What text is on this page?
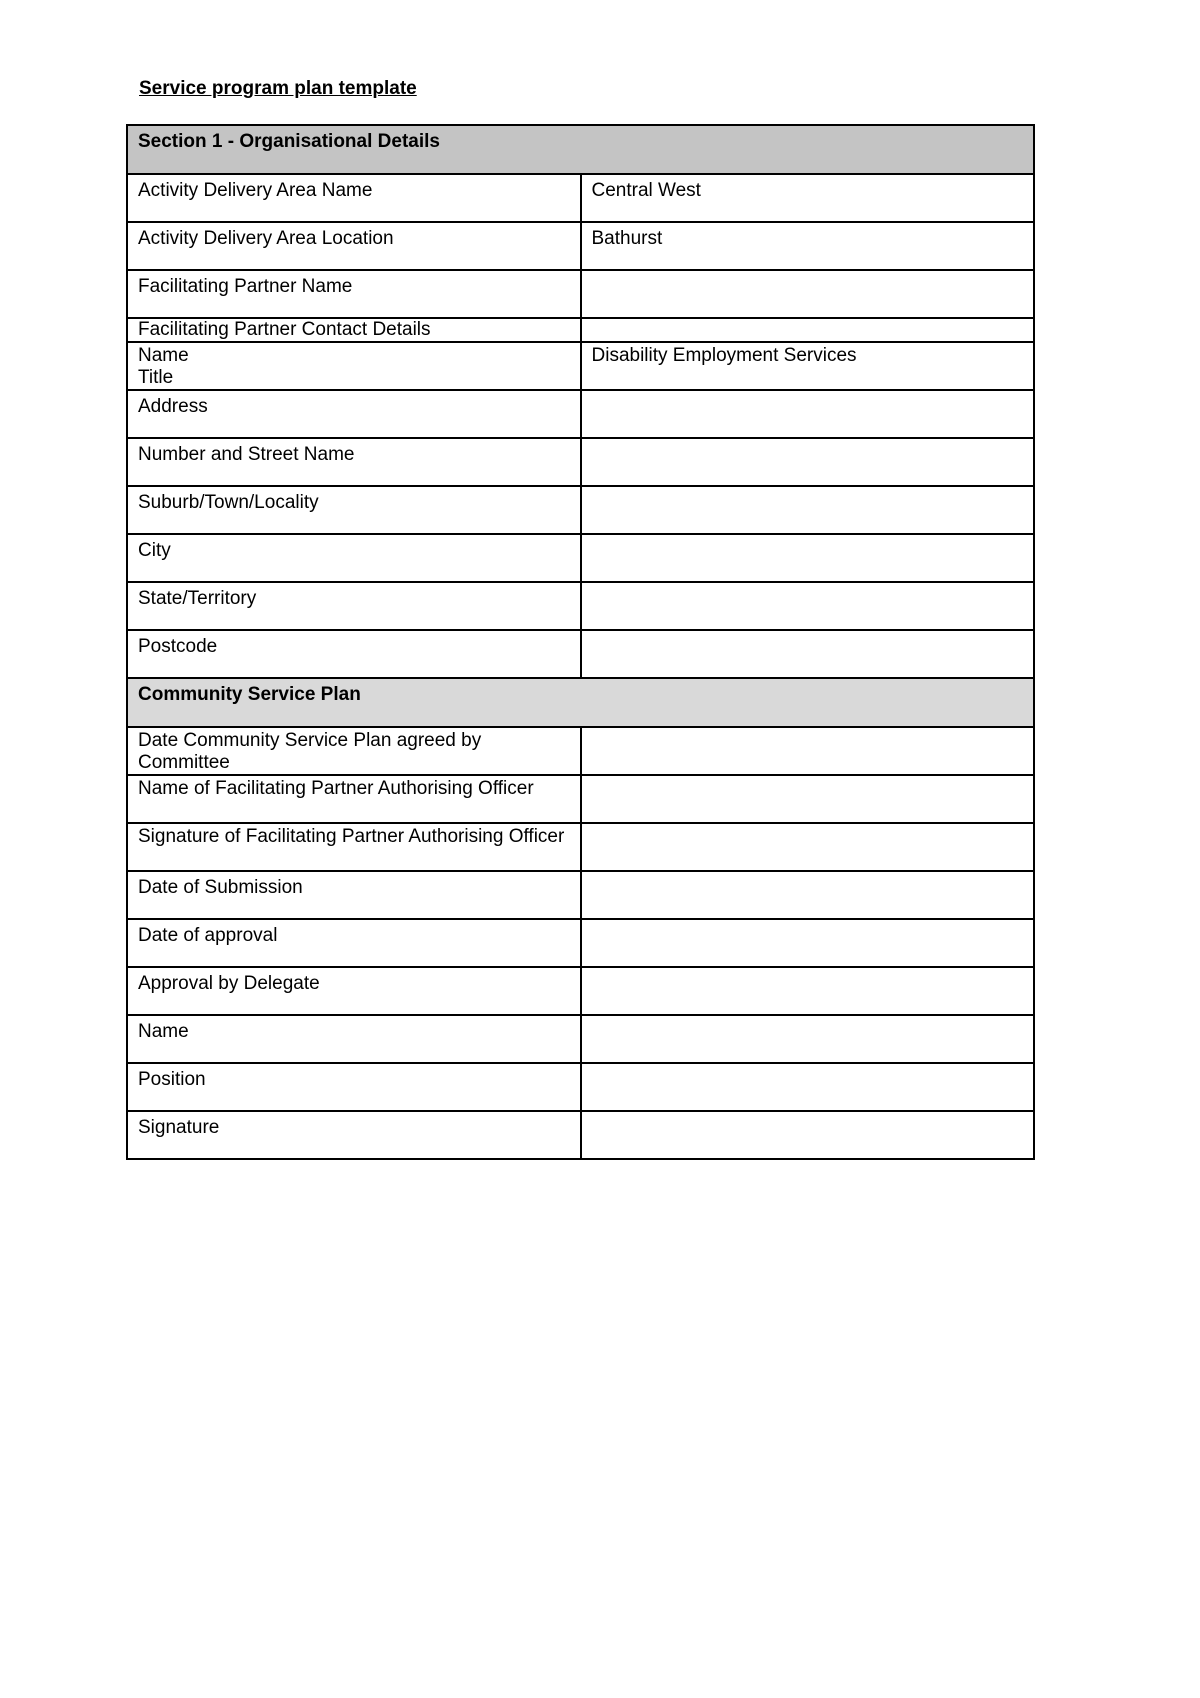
Service program plan template
Section 1 - Organisational Details	
Activity Delivery Area Name	Central West
Activity Delivery Area Location	Bathurst
Facilitating Partner Name	
Facilitating Partner Contact Details	
Name
Title	Disability Employment Services
Address	
Number and Street Name	
Suburb/Town/Locality	
City	
State/Territory	
Postcode	
Community Service Plan	
Date Community Service Plan agreed by Committee	
Name of Facilitating Partner Authorising Officer	
Signature of Facilitating Partner Authorising Officer	
Date of Submission	
Date of approval	
Approval by Delegate	
Name	
Position	
Signature	
